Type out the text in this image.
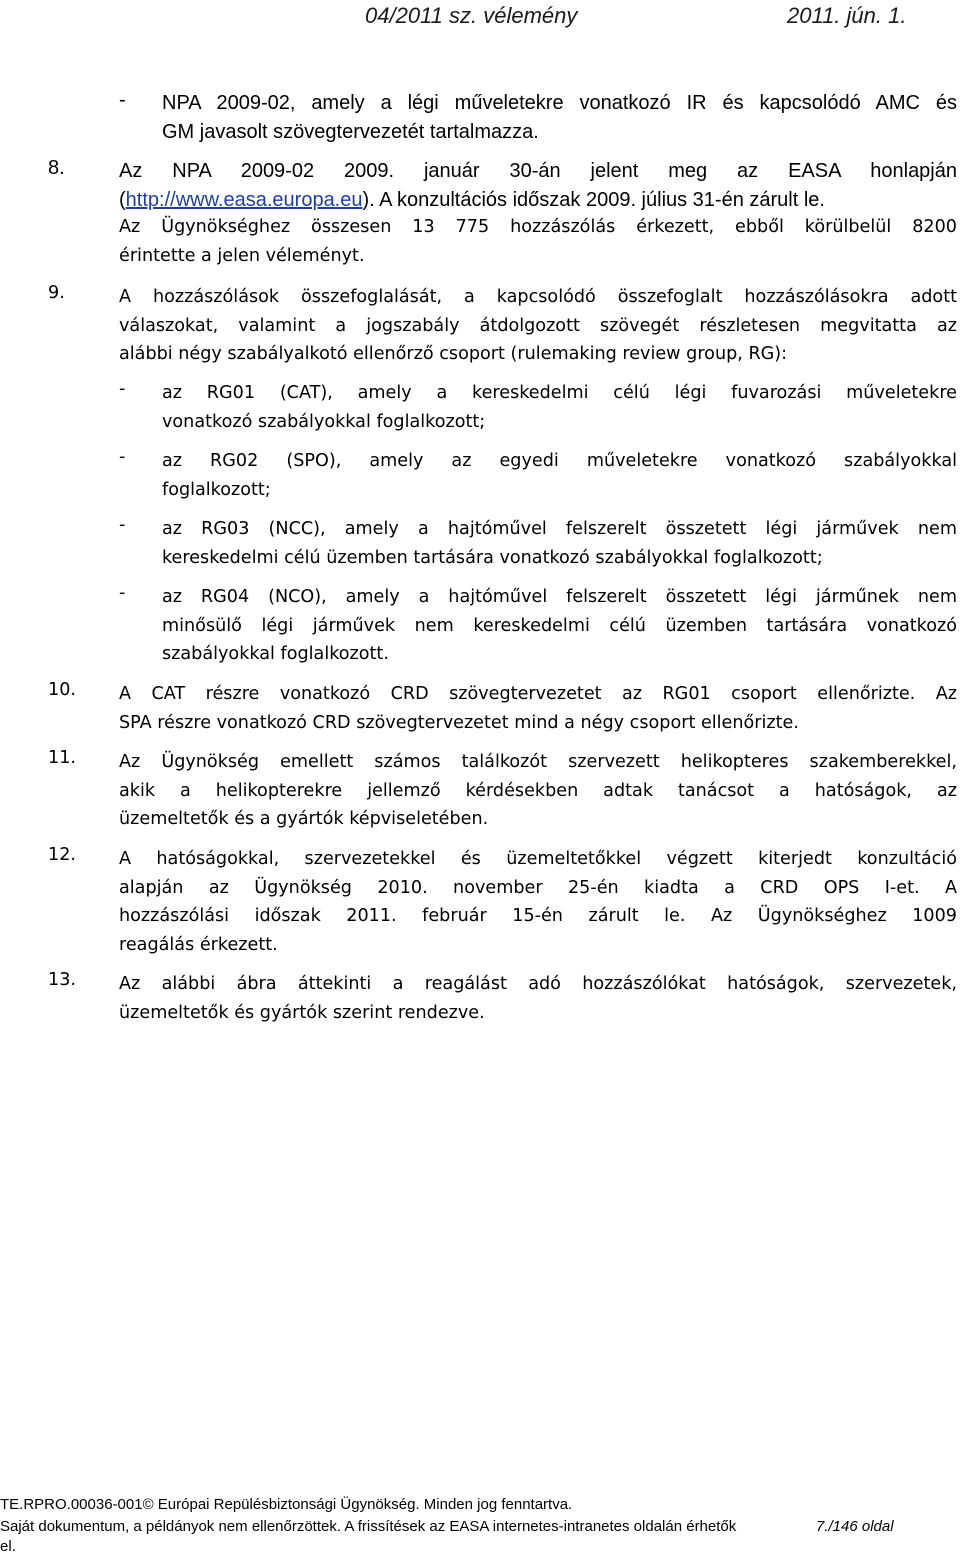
04/2011 sz. vélemény	2011. jún. 1.
- NPA 2009-02, amely a légi műveletekre vonatkozó IR és kapcsolódó AMC és
GM javasolt szövegtervezetét tartalmazza.
8.	Az NPA 2009-02 2009. január 30-án jelent meg az EASA honlapján
(http://www.easa.europa.eu). A konzultációs időszak 2009. július 31-én zárult le.
Az Ügynökséghez összesen 13 775 hozzászólás érkezett, ebből körülbelül 8200
érintette a jelen véleményt.
9.	A hozzászólások összefoglalását, a kapcsolódó összefoglalt hozzászólásokra adott
válaszokat, valamint a jogszabály átdolgozott szövegét részletesen megvitatta az
alábbi négy szabályalkotó ellenőrző csoport (rulemaking review group, RG):
- az RG01 (CAT), amely a kereskedelmi célú légi fuvarozási műveletekre
vonatkozó szabályokkal foglalkozott;
- az RG02 (SPO), amely az egyedi műveletekre vonatkozó szabályokkal
foglalkozott;
- az RG03 (NCC), amely a hajtóművel felszerelt összetett légi járművek nem
kereskedelmi célú üzemben tartására vonatkozó szabályokkal foglalkozott;
- az RG04 (NCO), amely a hajtóművel felszerelt összetett légi járműnek nem
minősülő légi járművek nem kereskedelmi célú üzemben tartására vonatkozó
szabályokkal foglalkozott.
10. A CAT részre vonatkozó CRD szövegtervezetet az RG01 csoport ellenőrizte. Az
SPA részre vonatkozó CRD szövegtervezetet mind a négy csoport ellenőrizte.
11. Az Ügynökség emellett számos találkozót szervezett helikopteres szakemberekkel,
akik a helikopterekre jellemző kérdésekben adtak tanácsot a hatóságok, az
üzemeltetők és a gyártók képviseletében.
12. A hatóságokkal, szervezetekkel és üzemeltetőkkel végzett kiterjedt konzultáció
alapján az Ügynökség 2010. november 25-én kiadta a CRD OPS I-et. A
hozzászólási időszak 2011. február 15-én zárult le. Az Ügynökséghez 1009
reagálás érkezett.
13. Az alábbi ábra áttekinti a reagálást adó hozzászólókat hatóságok, szervezetek,
üzemeltetők és gyártók szerint rendezve.
TE.RPRO.00036-001© Európai Repülésbiztonsági Ügynökség. Minden jog fenntartva.
Saját dokumentum, a példányok nem ellenőrzöttek. A frissítések az EASA internetes-intranetes oldalán érhetők	7./146 oldal
el.
